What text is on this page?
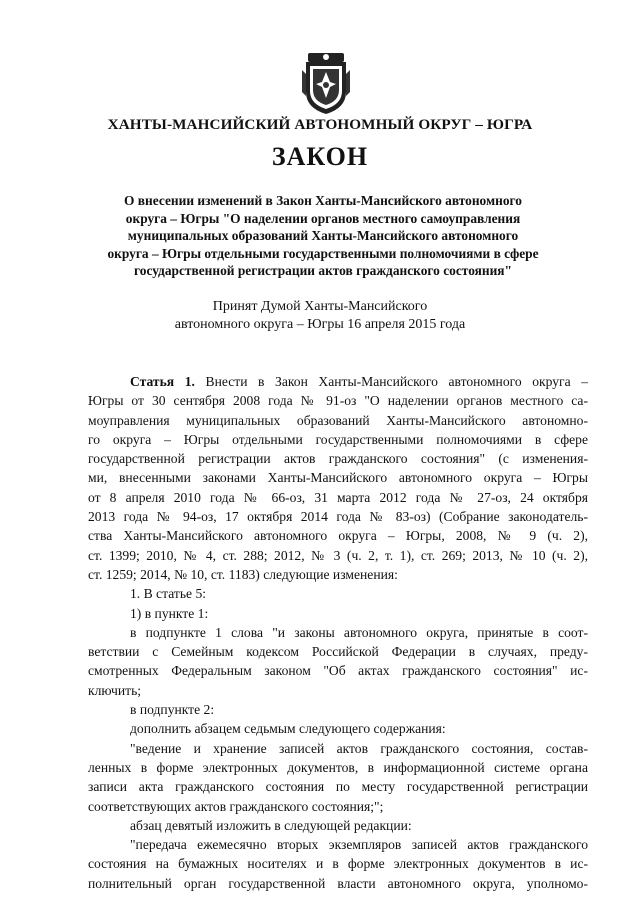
ХАНТЫ-МАНСИЙСКИЙ АВТОНОМНЫЙ ОКРУГ – ЮГРА
ЗАКОН
О внесении изменений в Закон Ханты-Мансийского автономного
округа – Югры "О наделении органов местного самоуправления
муниципальных образований Ханты-Мансийского автономного
округа – Югры отдельными государственными полномочиями в сфере
государственной регистрации актов гражданского состояния"
Принят Думой Ханты-Мансийского
автономного округа – Югры 16 апреля 2015 года
Статья 1. Внести в Закон Ханты-Мансийского автономного округа –
Югры от 30 сентября 2008 года № 91-оз "О наделении органов местного са-
моуправления муниципальных образований Ханты-Мансийского автономно-
го округа – Югры отдельными государственными полномочиями в сфере
государственной регистрации актов гражданского состояния" (с изменения-
ми, внесенными законами Ханты-Мансийского автономного округа – Югры
от 8 апреля 2010 года № 66-оз, 31 марта 2012 года № 27-оз, 24 октября
2013 года № 94-оз, 17 октября 2014 года № 83-оз) (Собрание законодатель-
ства Ханты-Мансийского автономного округа – Югры, 2008, № 9 (ч. 2),
ст. 1399; 2010, № 4, ст. 288; 2012, № 3 (ч. 2, т. 1), ст. 269; 2013, № 10 (ч. 2),
ст. 1259; 2014, № 10, ст. 1183) следующие изменения:
1. В статье 5:
1) в пункте 1:
в подпункте 1 слова "и законы автономного округа, принятые в соот-
ветствии с Семейным кодексом Российской Федерации в случаях, преду-
смотренных Федеральным законом "Об актах гражданского состояния" ис-
ключить;
в подпункте 2:
дополнить абзацем седьмым следующего содержания:
"ведение и хранение записей актов гражданского состояния, состав-
ленных в форме электронных документов, в информационной системе органа
записи акта гражданского состояния по месту государственной регистрации
соответствующих актов гражданского состояния;";
абзац девятый изложить в следующей редакции:
"передача ежемесячно вторых экземпляров записей актов гражданского
состояния на бумажных носителях и в форме электронных документов в ис-
полнительный орган государственной власти автономного округа, уполномо-
